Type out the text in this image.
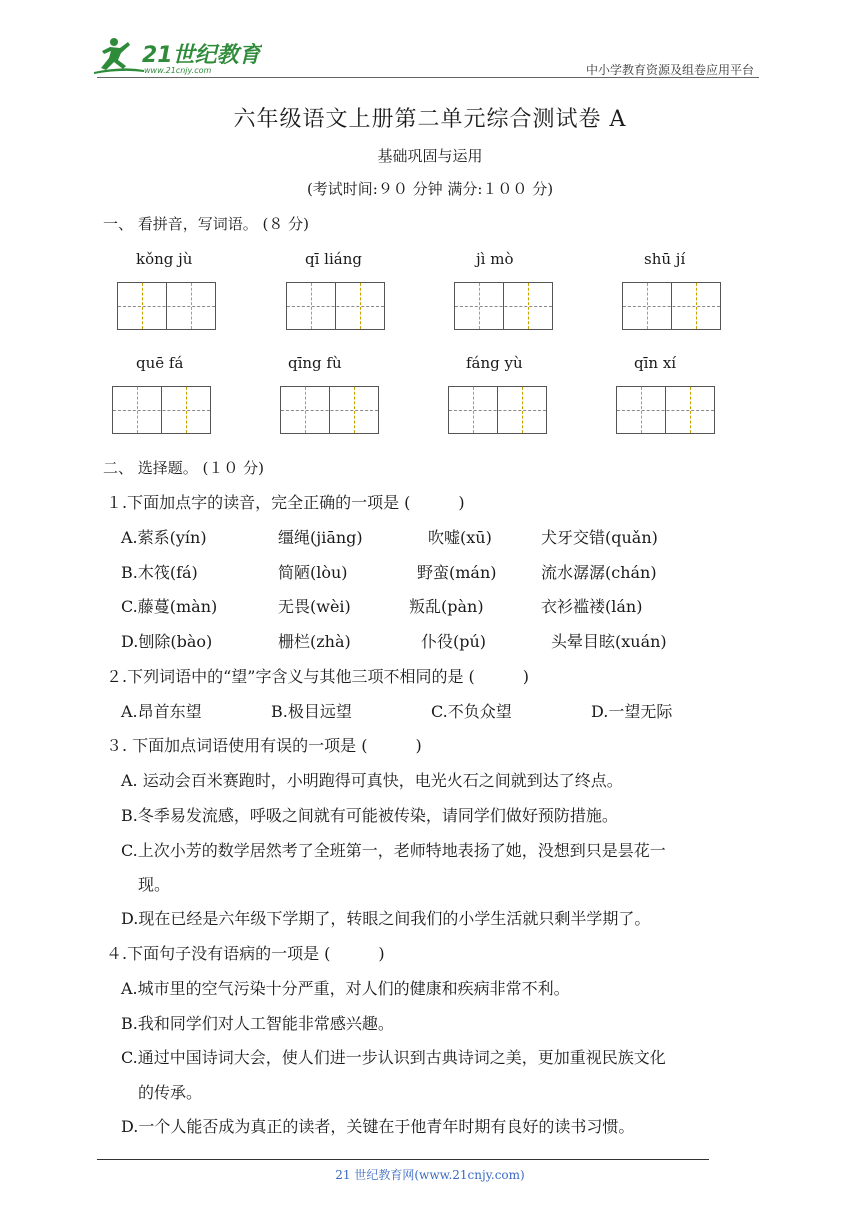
21世纪教育
www.21cnjy.com	中小学教育资源及组卷应用平台
六年级语文上册第二单元综合测试卷 A
基础巩固与运用
(考试时间:９０ 分钟 满分:１００ 分)
一、 看拼音，写词语。 (８ 分)
kǒng jù	qī liáng	jì mò	shū jí
quē fá	qīng fù	fáng yù	qīn xí
二、 选择题。 (１０ 分)
１.下面加点字的读音，完全正确的一项是 (　　　)
A.萦系(yín)	缰绳(jiāng)	吹嘘(xū)	犬牙交错(quǎn)
B.木筏(fá)	简陋(lòu)	野蛮(mán)	流水潺潺(chán)
C.藤蔓(màn)	无畏(wèi)	叛乱(pàn)	衣衫褴褛(lán)
D.刨除(bào)	栅栏(zhà)	仆役(pú)	头晕目眩(xuán)
２.下列词语中的“望”字含义与其他三项不相同的是 (　　　)
A.昂首东望	B.极目远望	C.不负众望	D.一望无际
３. 下面加点词语使用有误的一项是 (　　　)
A. 运动会百米赛跑时，小明跑得可真快，电光火石之间就到达了终点。
B.冬季易发流感，呼吸之间就有可能被传染，请同学们做好预防措施。
C.上次小芳的数学居然考了全班第一，老师特地表扬了她，没想到只是昙花一
现。
D.现在已经是六年级下学期了，转眼之间我们的小学生活就只剩半学期了。
４.下面句子没有语病的一项是 (　　　)
A.城市里的空气污染十分严重，对人们的健康和疾病非常不利。
B.我和同学们对人工智能非常感兴趣。
C.通过中国诗词大会，使人们进一步认识到古典诗词之美，更加重视民族文化
的传承。
D.一个人能否成为真正的读者，关键在于他青年时期有良好的读书习惯。
21 世纪教育网(www.21cnjy.com)
